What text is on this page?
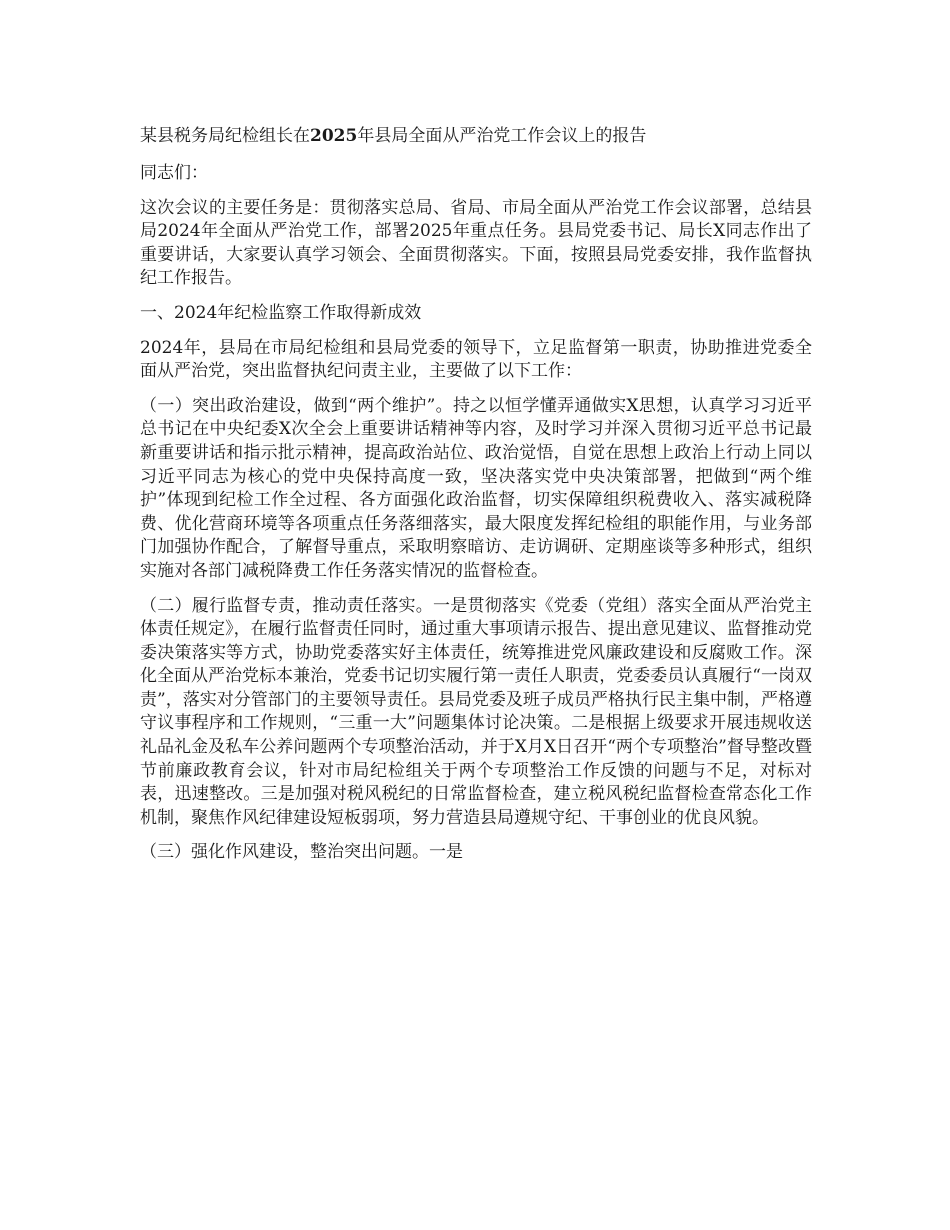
某县税务局纪检组长在2025年县局全面从严治党工作会议上的报告

同志们：

这次会议的主要任务是：贯彻落实总局、省局、市局全面从严治党工作会议部署，总结县局2024年全面从严治党工作，部署2025年重点任务。县局党委书记、局长X同志作出了重要讲话，大家要认真学习领会、全面贯彻落实。下面，按照县局党委安排，我作监督执纪工作报告。

一、2024年纪检监察工作取得新成效

2024年，县局在市局纪检组和县局党委的领导下，立足监督第一职责，协助推进党委全面从严治党，突出监督执纪问责主业，主要做了以下工作：

（一）突出政治建设，做到“两个维护”。持之以恒学懂弄通做实X思想，认真学习习近平总书记在中央纪委X次全会上重要讲话精神等内容，及时学习并深入贯彻习近平总书记最新重要讲话和指示批示精神，提高政治站位、政治觉悟，自觉在思想上政治上行动上同以习近平同志为核心的党中央保持高度一致，坚决落实党中央决策部署，把做到“两个维护”体现到纪检工作全过程、各方面强化政治监督，切实保障组织税费收入、落实减税降费、优化营商环境等各项重点任务落细落实，最大限度发挥纪检组的职能作用，与业务部门加强协作配合，了解督导重点，采取明察暗访、走访调研、定期座谈等多种形式，组织实施对各部门减税降费工作任务落实情况的监督检查。

（二）履行监督专责，推动责任落实。一是贯彻落实《党委（党组）落实全面从严治党主体责任规定》，在履行监督责任同时，通过重大事项请示报告、提出意见建议、监督推动党委决策落实等方式，协助党委落实好主体责任，统筹推进党风廉政建设和反腐败工作。深化全面从严治党标本兼治，党委书记切实履行第一责任人职责，党委委员认真履行“一岗双责”，落实对分管部门的主要领导责任。县局党委及班子成员严格执行民主集中制，严格遵守议事程序和工作规则，“三重一大”问题集体讨论决策。二是根据上级要求开展违规收送礼品礼金及私车公养问题两个专项整治活动，并于X月X日召开“两个专项整治”督导整改暨节前廉政教育会议，针对市局纪检组关于两个专项整治工作反馈的问题与不足，对标对表，迅速整改。三是加强对税风税纪的日常监督检查，建立税风税纪监督检查常态化工作机制，聚焦作风纪律建设短板弱项，努力营造县局遵规守纪、干事创业的优良风貌。

（三）强化作风建设，整治突出问题。一是
